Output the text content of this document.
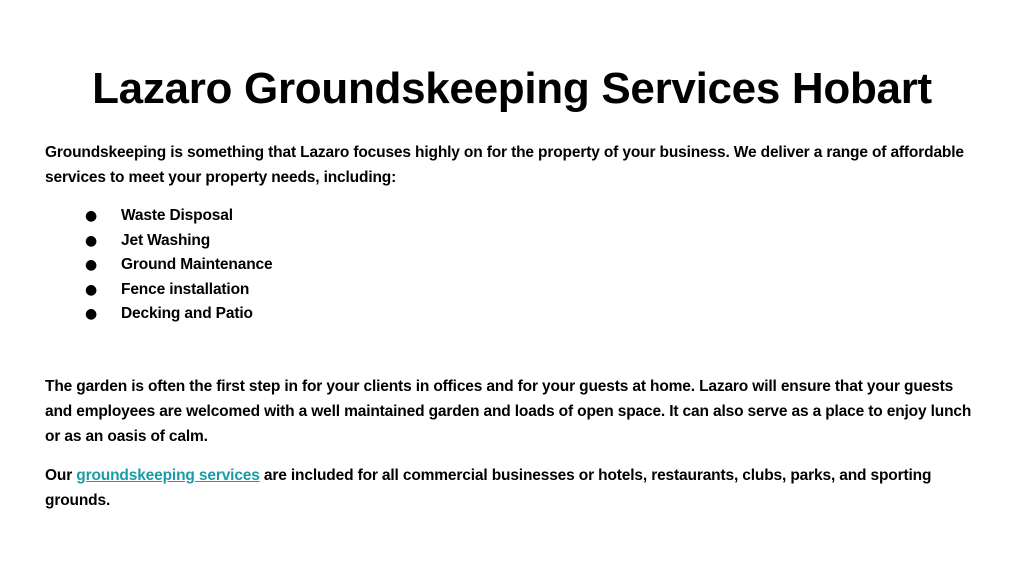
Lazaro Groundskeeping Services Hobart

Groundskeeping is something that Lazaro focuses highly on for the property of your business. We deliver a range of affordable services to meet your property needs, including:

● Waste Disposal
● Jet Washing
● Ground Maintenance
● Fence installation
● Decking and Patio

The garden is often the first step in for your clients in offices and for your guests at home. Lazaro will ensure that your guests and employees are welcomed with a well maintained garden and loads of open space. It can also serve as a place to enjoy lunch or as an oasis of calm.

Our groundskeeping services are included for all commercial businesses or hotels, restaurants, clubs, parks, and sporting grounds.
